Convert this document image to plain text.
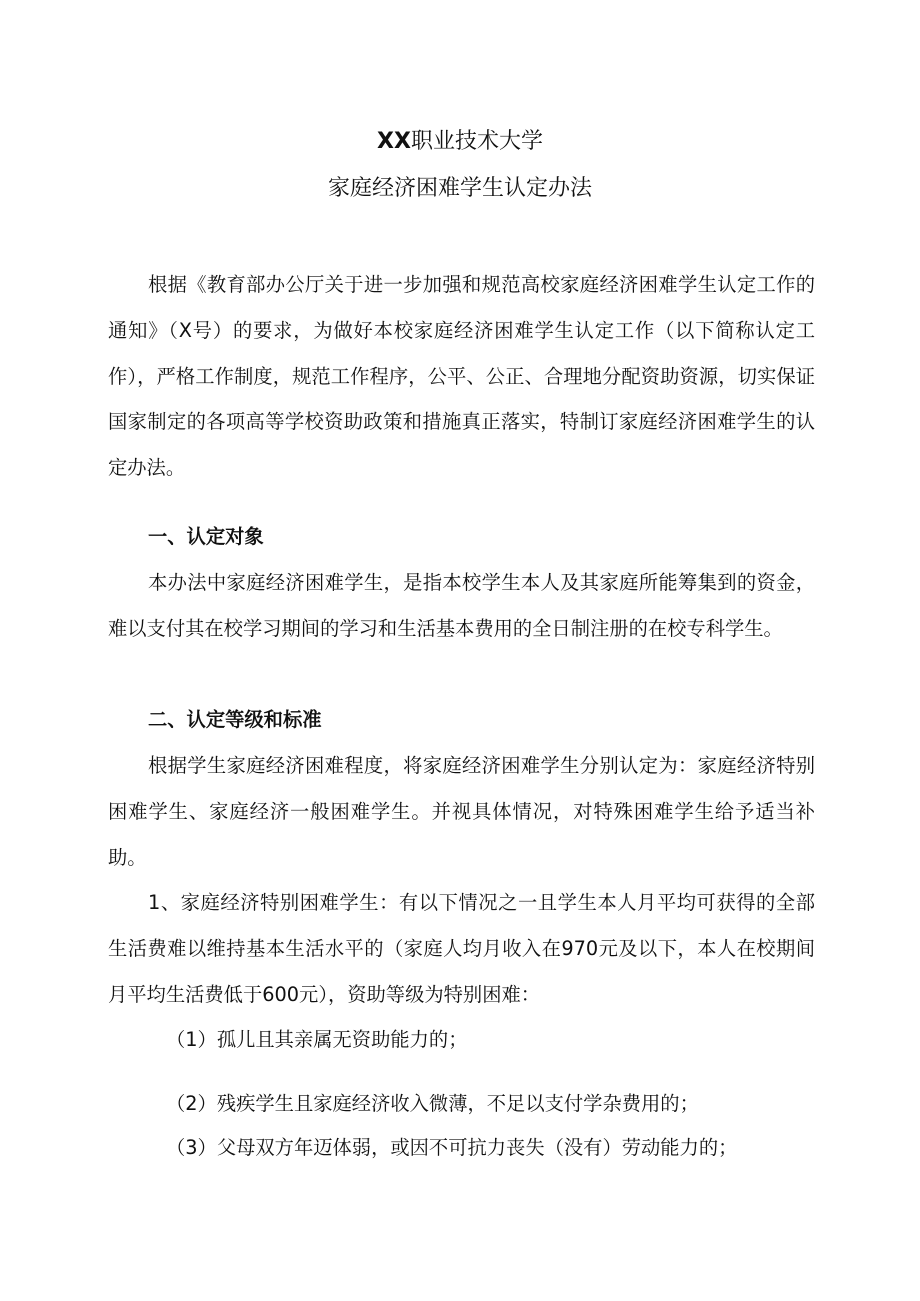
XX职业技术大学
家庭经济困难学生认定办法
根据《教育部办公厅关于进一步加强和规范高校家庭经济困难学生认定工作的通知》（X号）的要求，为做好本校家庭经济困难学生认定工作（以下简称认定工作），严格工作制度，规范工作程序，公平、公正、合理地分配资助资源，切实保证国家制定的各项高等学校资助政策和措施真正落实，特制订家庭经济困难学生的认定办法。
一、认定对象
本办法中家庭经济困难学生，是指本校学生本人及其家庭所能筹集到的资金，难以支付其在校学习期间的学习和生活基本费用的全日制注册的在校专科学生。
二、认定等级和标准
根据学生家庭经济困难程度，将家庭经济困难学生分别认定为：家庭经济特别困难学生、家庭经济一般困难学生。并视具体情况，对特殊困难学生给予适当补助。
1、家庭经济特别困难学生：有以下情况之一且学生本人月平均可获得的全部生活费难以维持基本生活水平的（家庭人均月收入在970元及以下，本人在校期间月平均生活费低于600元），资助等级为特别困难：
（1）孤儿且其亲属无资助能力的；
（2）残疾学生且家庭经济收入微薄，不足以支付学杂费用的；
（3）父母双方年迈体弱，或因不可抗力丧失（没有）劳动能力的；
